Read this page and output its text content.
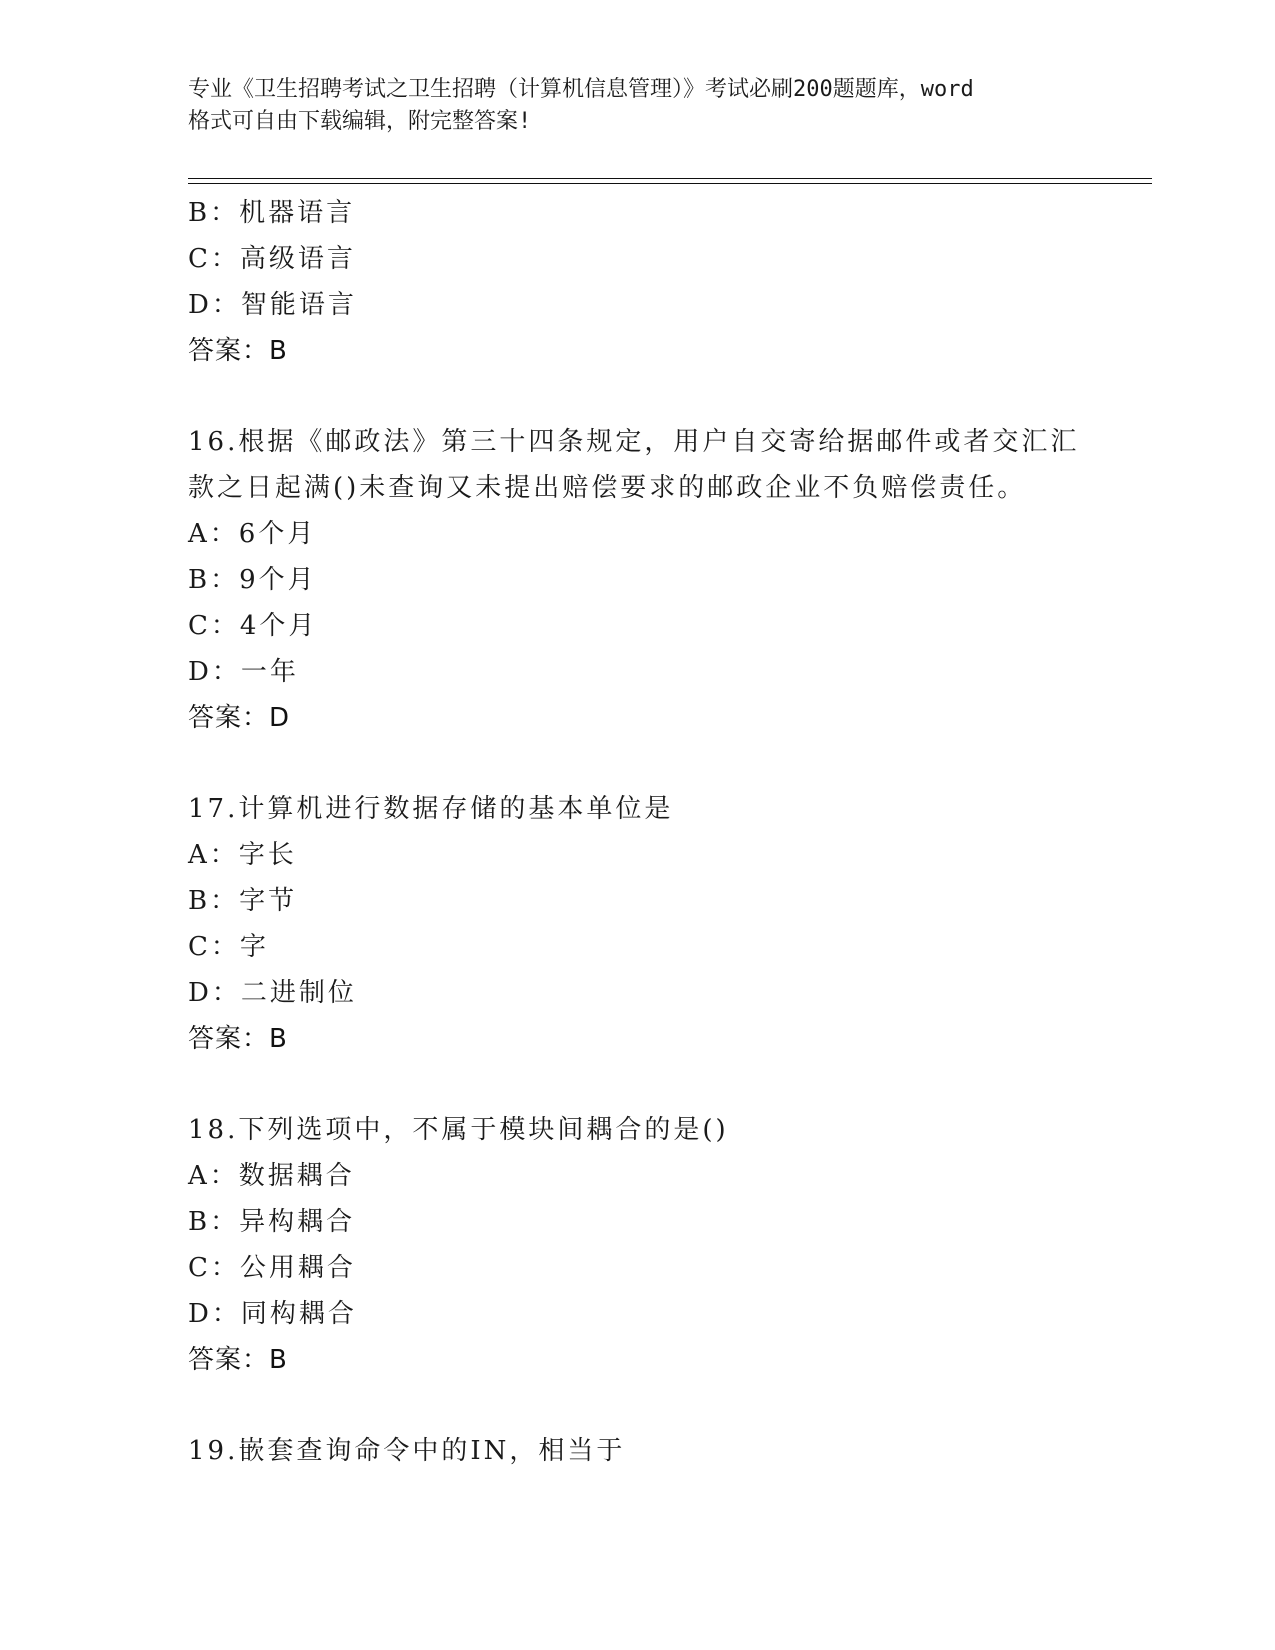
专业《卫生招聘考试之卫生招聘（计算机信息管理）》考试必刷200题题库，word
格式可自由下载编辑，附完整答案!
B：机器语言
C：高级语言
D：智能语言
答案：B
16.根据《邮政法》第三十四条规定，用户自交寄给据邮件或者交汇汇
款之日起满()未查询又未提出赔偿要求的邮政企业不负赔偿责任。
A：6个月
B：9个月
C：4个月
D：一年
答案：D
17.计算机进行数据存储的基本单位是
A：字长
B：字节
C：字
D：二进制位
答案：B
18.下列选项中，不属于模块间耦合的是()
A：数据耦合
B：异构耦合
C：公用耦合
D：同构耦合
答案：B
19.嵌套查询命令中的IN，相当于
